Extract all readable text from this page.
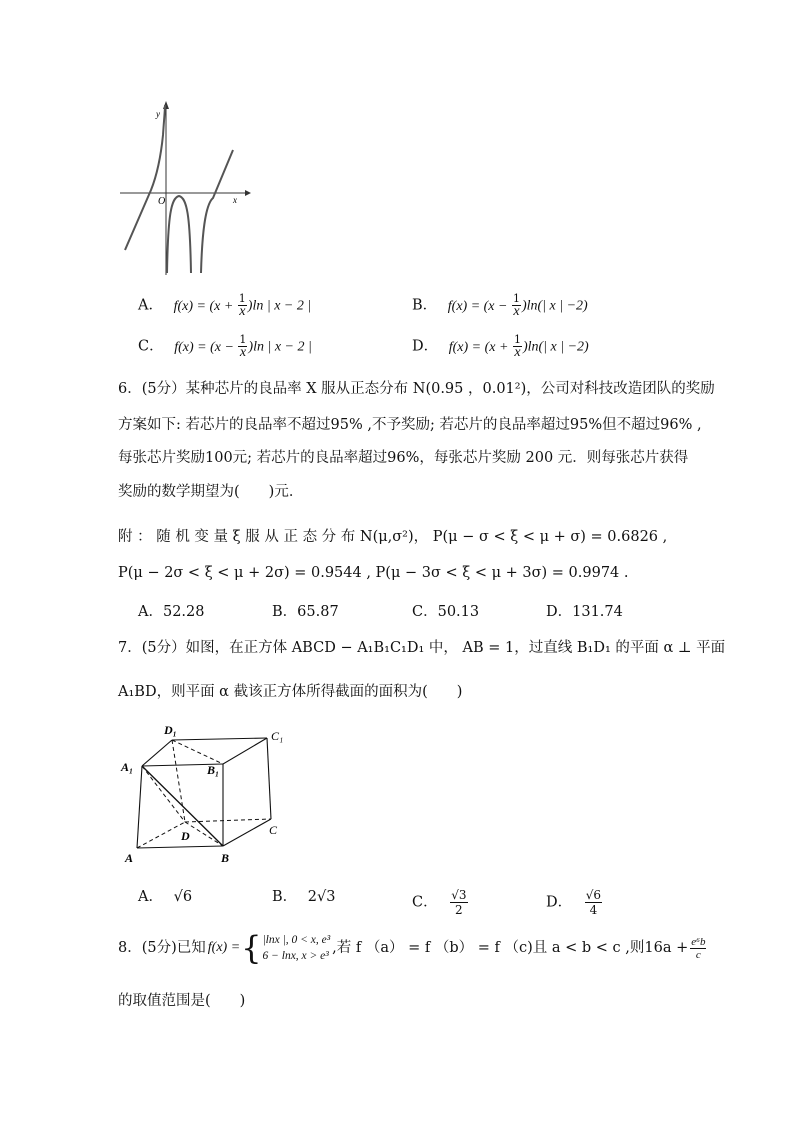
y
x
O
A． $f(x) = (x + \frac{1}{x} )\ln$ | x − 2 |	B． $f(x) = (x - \frac{1}{x} )\ln(|$ x | −2)
C． $f(x) = (x - \frac{1}{x} )\ln$ | x − 2 |	D． $f(x) = (x + \frac{1}{x} )\ln(|$ x | −2)
6．(5分）某种芯片的良品率 X 服从正态分布 N(0.95 ，0.01²)，公司对科技改造团队的奖励
方案如下: 若芯片的良品率不超过95% ,不予奖励; 若芯片的良品率超过95%但不超过96% ,
每张芯片奖励100元; 若芯片的良品率超过96%，每张芯片奖励 200 元．则每张芯片获得
奖励的数学期望为(　　)元．
附 ： 随 机 变 量 ξ 服 从 正 态 分 布 N(μ,σ²)， P(μ − σ < ξ < μ + σ) = 0.6826 ,
P(μ − 2σ < ξ < μ + 2σ) = 0.9544 , P(μ − 3σ < ξ < μ + 3σ) = 0.9974 .
A．52.28	B．65.87	C．50.13	D．131.74
7．(5分）如图，在正方体 ABCD − A₁B₁C₁D₁ 中， AB = 1，过直线 B₁D₁ 的平面 α ⊥ 平面
A₁BD，则平面 α 截该正方体所得截面的面积为(　　)
A₁
D₁	C₁
B₁
D
A	B
C
A． √6	B． 2√3	C． $\frac{√3}{2}$	D． $\frac{√6}{4}$
8．(5分)已知 f(x) = { |lnx |, 0 < x, e³
6 − lnx, x > e³ ,若 f （a） = f （b） = f （c)且 a < b < c ,则$16a + \frac{\text{e⁶b}}{c}$
的取值范围是(　　)
